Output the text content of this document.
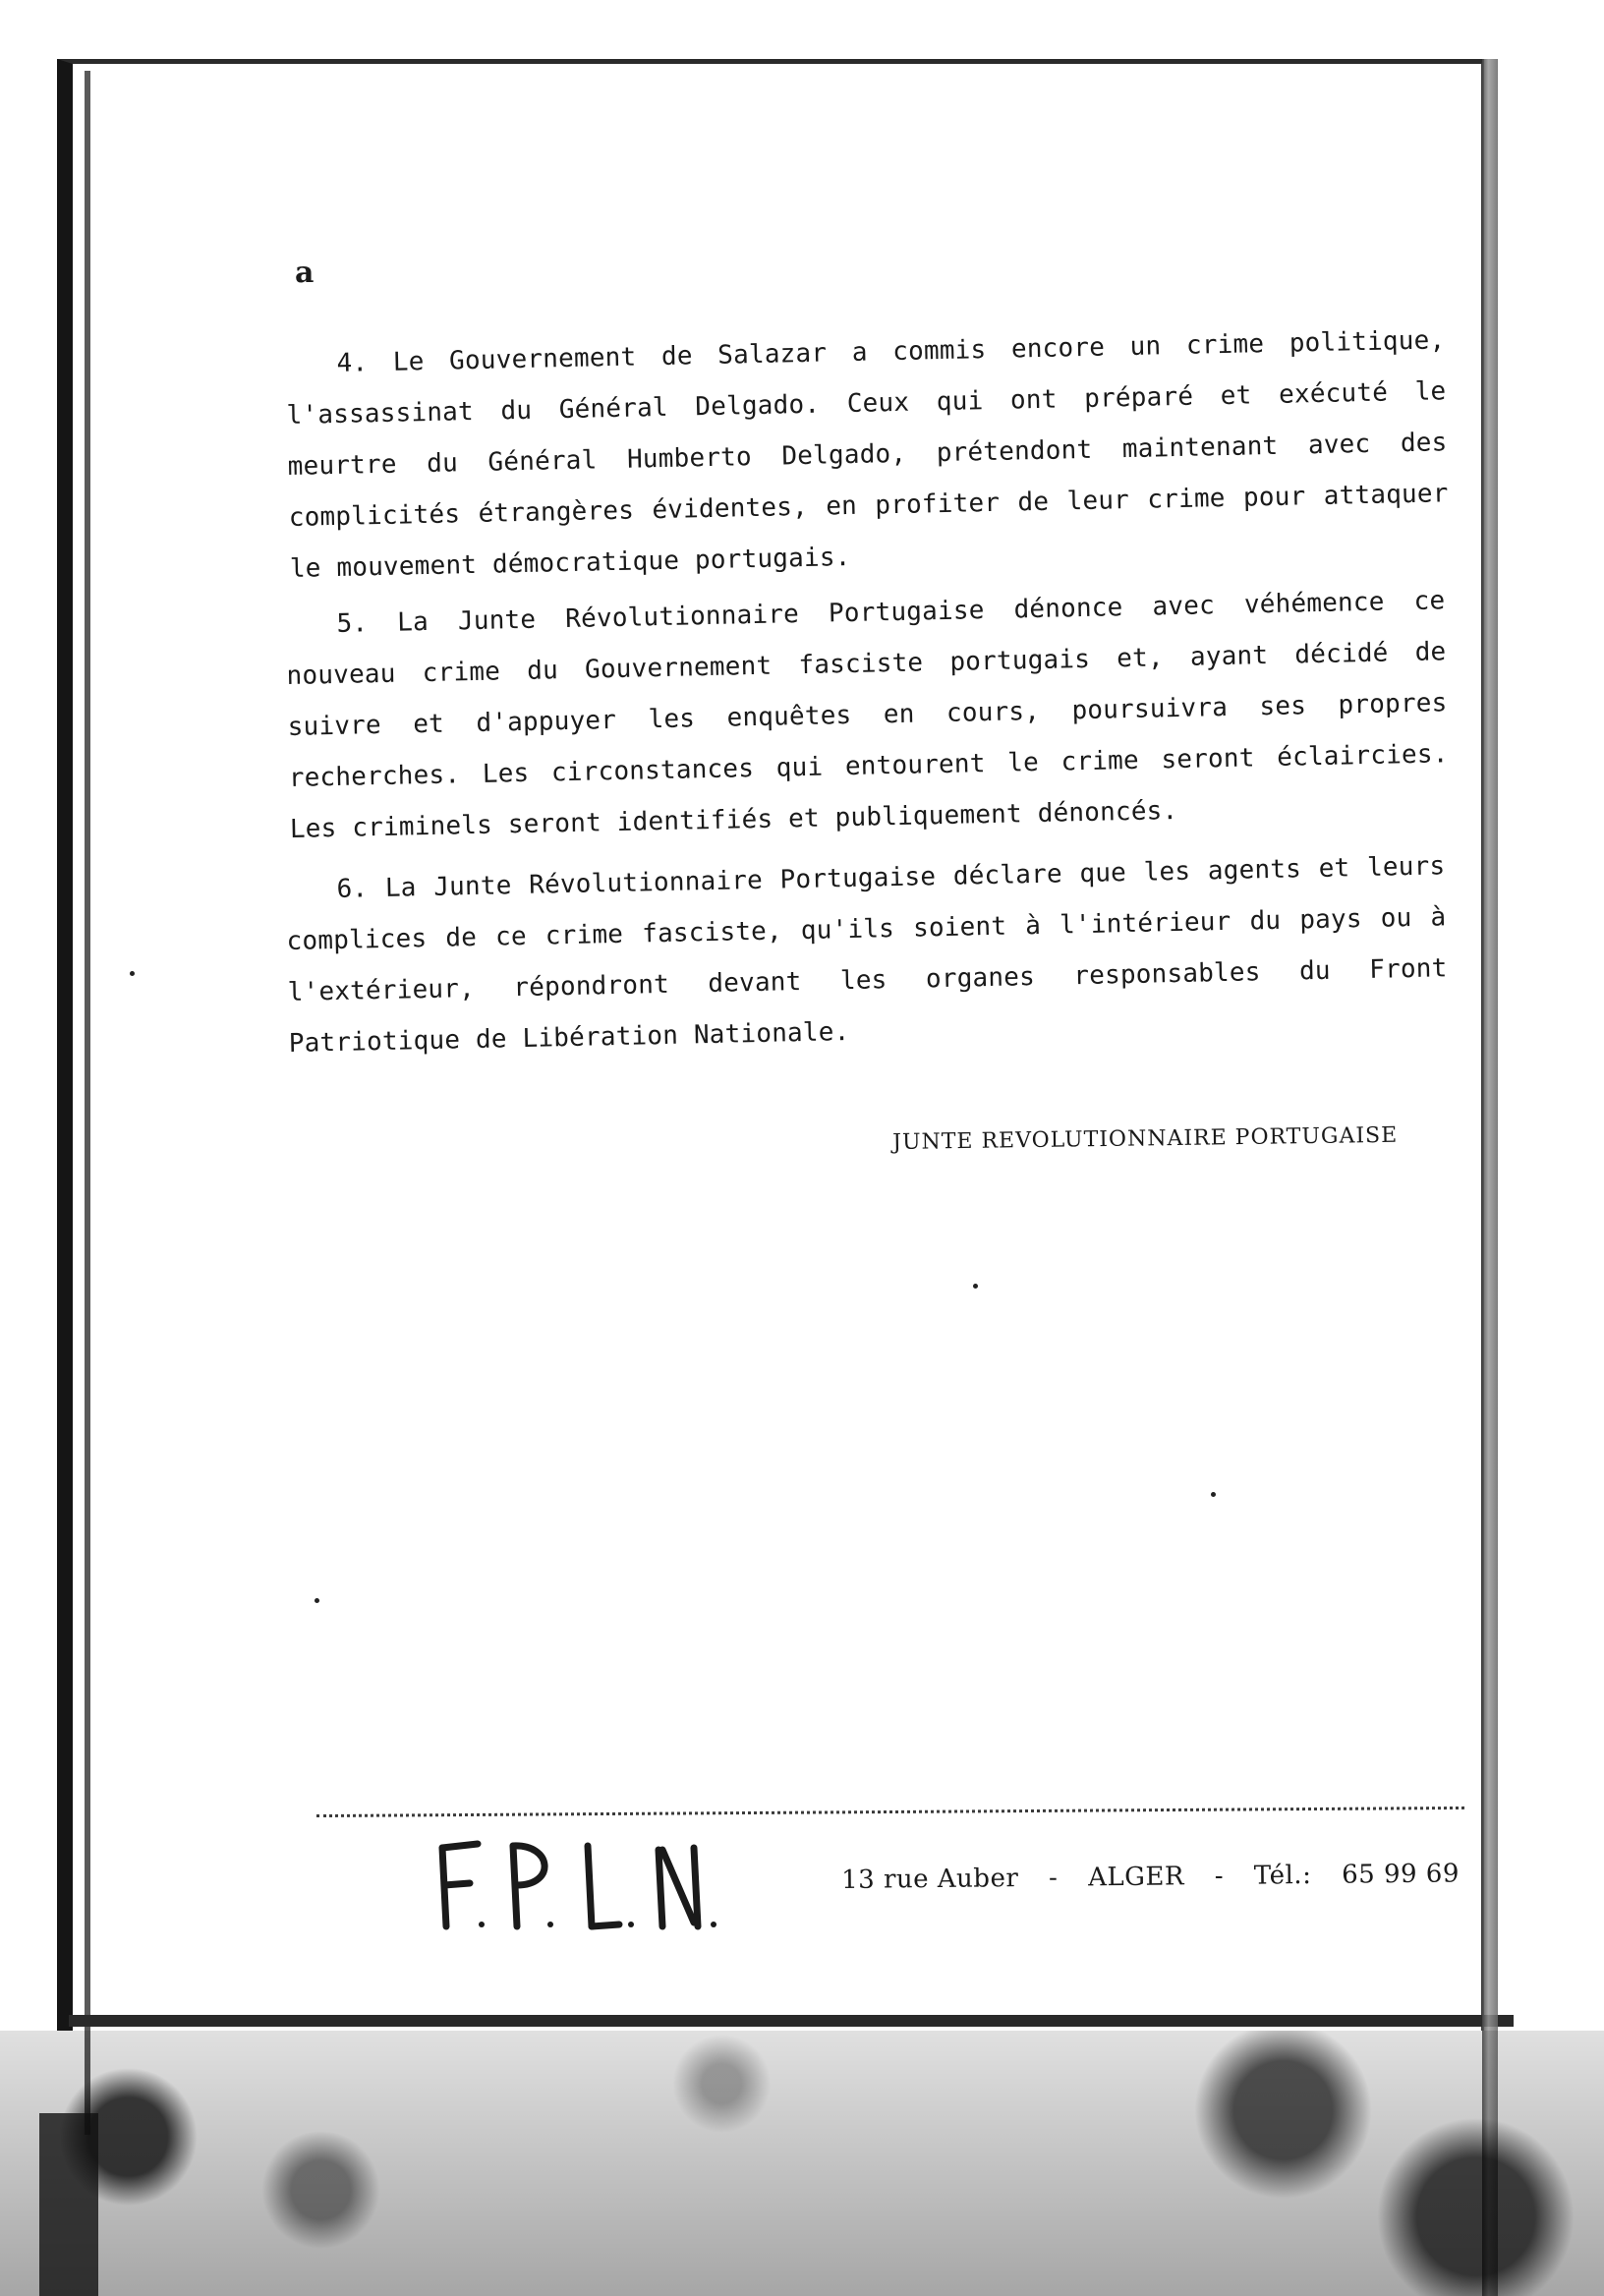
a

4. Le Gouvernement de Salazar a commis encore un crime politique, l'assassinat du Général Delgado. Ceux qui ont préparé et exécuté le meurtre du Général Humberto Delgado, prétendont maintenant avec des complicités étrangères évidentes, en profiter de leur crime pour attaquer le mouvement démocratique portugais.

5. La Junte Révolutionnaire Portugaise dénonce avec véhémence ce nouveau crime du Gouvernement fasciste portugais et, ayant décidé de suivre et d'appuyer les enquêtes en cours, poursuivra ses propres recherches. Les circonstances qui entourent le crime seront éclaircies. Les criminels seront identifiés et publiquement dénoncés.

6. La Junte Révolutionnaire Portugaise déclare que les agents et leurs complices de ce crime fasciste, qu'ils soient à l'intérieur du pays ou à l'extérieur, répondront devant les organes responsables du Front Patriotique de Libération Nationale.

JUNTE REVOLUTIONNAIRE PORTUGAISE
13 rue Auber - ALGER - Tél.: 65 99 69
